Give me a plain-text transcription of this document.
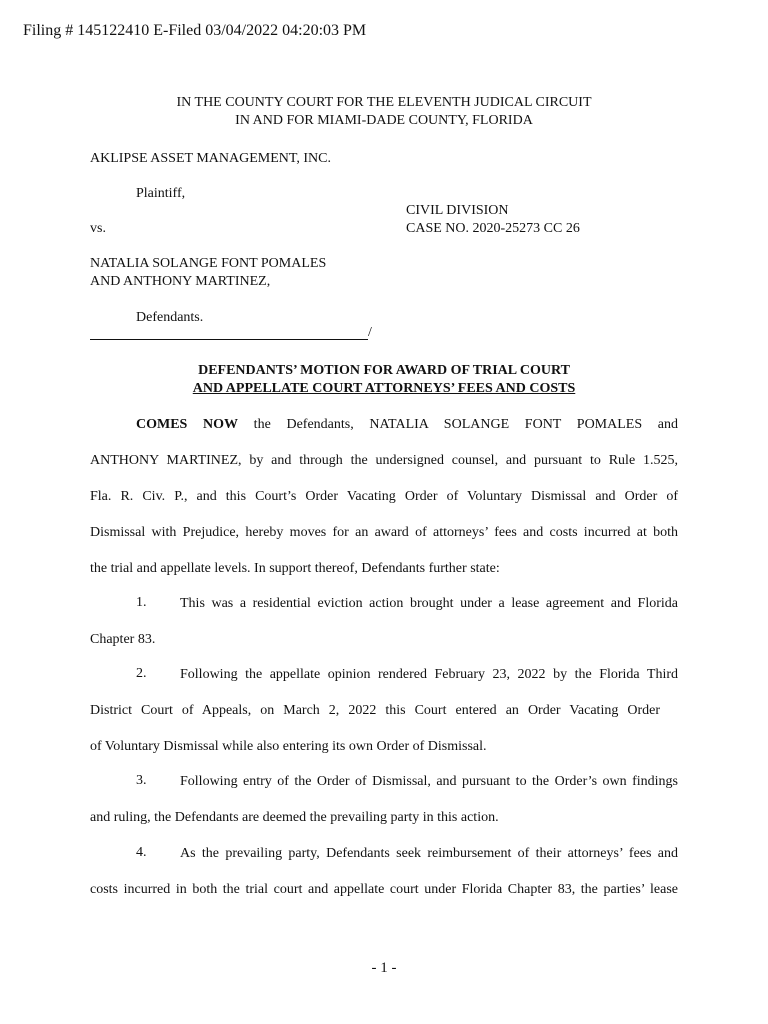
Filing # 145122410 E-Filed 03/04/2022 04:20:03 PM
IN THE COUNTY COURT FOR THE ELEVENTH JUDICAL CIRCUIT
IN AND FOR MIAMI-DADE COUNTY, FLORIDA
AKLIPSE ASSET MANAGEMENT, INC.
Plaintiff,
CIVIL DIVISION
vs.	CASE NO. 2020-25273 CC 26
NATALIA SOLANGE FONT POMALES
AND ANTHONY MARTINEZ,
Defendants.
/
DEFENDANTS’ MOTION FOR AWARD OF TRIAL COURT
AND APPELLATE COURT ATTORNEYS’ FEES AND COSTS
COMES NOW the Defendants, NATALIA SOLANGE FONT POMALES and
ANTHONY MARTINEZ, by and through the undersigned counsel, and pursuant to Rule 1.525,
Fla. R. Civ. P., and this Court’s Order Vacating Order of Voluntary Dismissal and Order of
Dismissal with Prejudice, hereby moves for an award of attorneys’ fees and costs incurred at both
the trial and appellate levels. In support thereof, Defendants further state:
1.	This was a residential eviction action brought under a lease agreement and Florida
Chapter 83.
2.	Following the appellate opinion rendered February 23, 2022 by the Florida Third
District Court of Appeals, on March 2, 2022 this Court entered an Order Vacating Order
of Voluntary Dismissal while also entering its own Order of Dismissal.
3.	Following entry of the Order of Dismissal, and pursuant to the Order’s own findings
and ruling, the Defendants are deemed the prevailing party in this action.
4.	As the prevailing party, Defendants seek reimbursement of their attorneys’ fees and
costs incurred in both the trial court and appellate court under Florida Chapter 83, the parties’ lease
- 1 -
